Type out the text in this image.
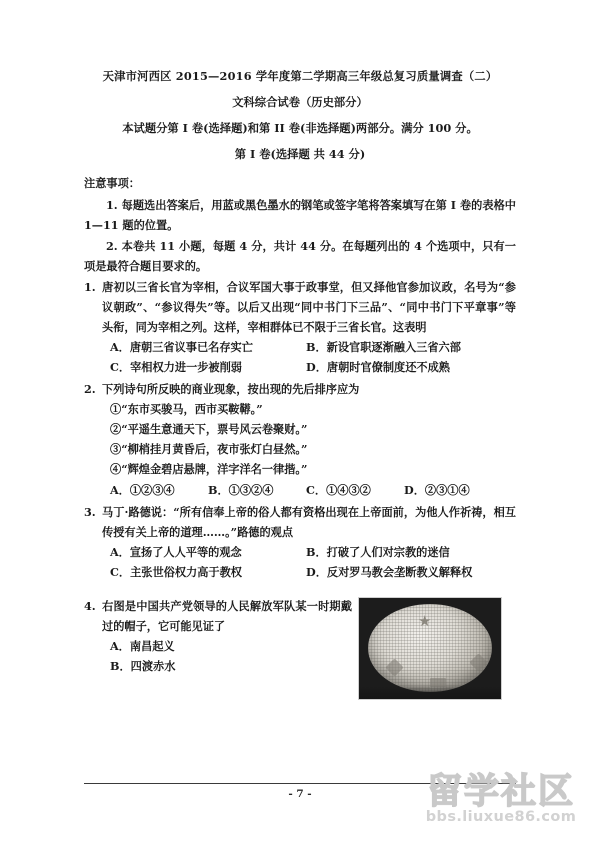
天津市河西区 2015—2016 学年度第二学期高三年级总复习质量调查（二）
文科综合试卷（历史部分）
本试题分第 I 卷(选择题)和第 II 卷(非选择题)两部分。满分 100 分。
第 I 卷(选择题 共 44 分)
注意事项：
1. 每题选出答案后，用蓝或黑色墨水的钢笔或签字笔将答案填写在第 I 卷的表格中 1—11 题的位置。
2. 本卷共 11 小题，每题 4 分，共计 44 分。在每题列出的 4 个选项中，只有一项是最符合题目要求的。

1. 唐初以三省长官为宰相，合议军国大事于政事堂，但又择他官参加议政，名号为“参议朝政”、“参议得失”等。以后又出现“同中书门下三品”、“同中书门下平章事”等头衔，同为宰相之列。这样，宰相群体已不限于三省长官。这表明

A．唐朝三省议事已名存实亡	B．新设官职逐渐融入三省六部
C．宰相权力进一步被削弱	D．唐朝时官僚制度还不成熟

2. 下列诗句所反映的商业现象，按出现的先后排序应为

①“东市买骏马，西市买鞍鞯。”

②“平遥生意通天下，票号风云卷聚财。”

③“柳梢挂月黄昏后，夜市张灯白昼然。”

④“辉煌金碧店悬牌，洋字洋名一律揩。”

A．①②③④	B．①③②④	C．①④③②	D．②③①④

3. 马丁·路德说：“所有信奉上帝的俗人都有资格出现在上帝面前，为他人作祈祷，相互传授有关上帝的道理……。”路德的观点

A．宣扬了人人平等的观念	B．打破了人们对宗教的迷信
C．主张世俗权力高于教权	D．反对罗马教会垄断教义解释权

4. 右图是中国共产党领导的人民解放军队某一时期戴过的帽子，它可能见证了

A．南昌起义
B．四渡赤水

- 7 -	留学社区
bbs.liuxue86.com
